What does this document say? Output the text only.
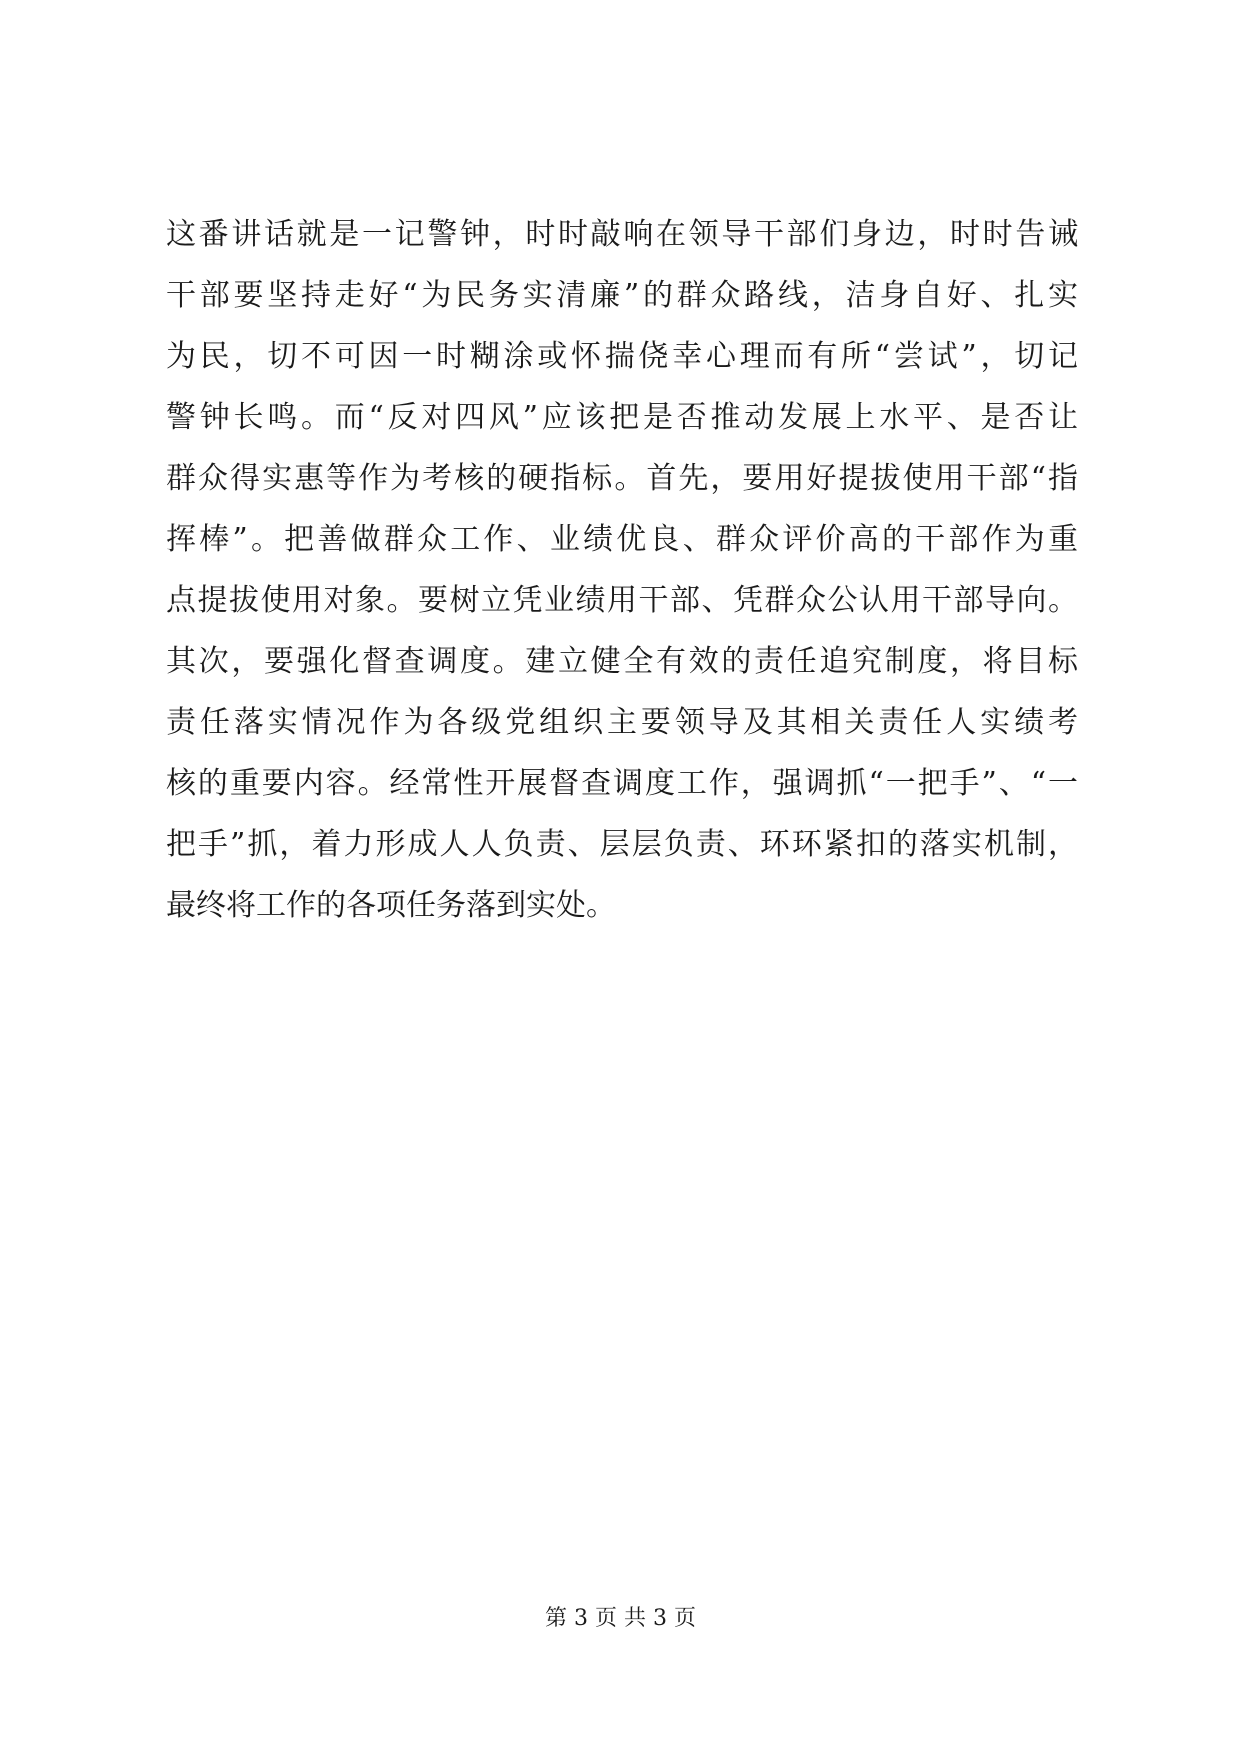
这番讲话就是一记警钟，时时敲响在领导干部们身边，时时告诫
干部要坚持走好“为民务实清廉”的群众路线，洁身自好、扎实
为民，切不可因一时糊涂或怀揣侥幸心理而有所“尝试”，切记
警钟长鸣。而“反对四风”应该把是否推动发展上水平、是否让
群众得实惠等作为考核的硬指标。首先，要用好提拔使用干部“指
挥棒”。把善做群众工作、业绩优良、群众评价高的干部作为重
点提拔使用对象。要树立凭业绩用干部、凭群众公认用干部导向。
其次，要强化督查调度。建立健全有效的责任追究制度，将目标
责任落实情况作为各级党组织主要领导及其相关责任人实绩考
核的重要内容。经常性开展督查调度工作，强调抓“一把手”、“一
把手”抓，着力形成人人负责、层层负责、环环紧扣的落实机制，
最终将工作的各项任务落到实处。
第 3 页 共 3 页
